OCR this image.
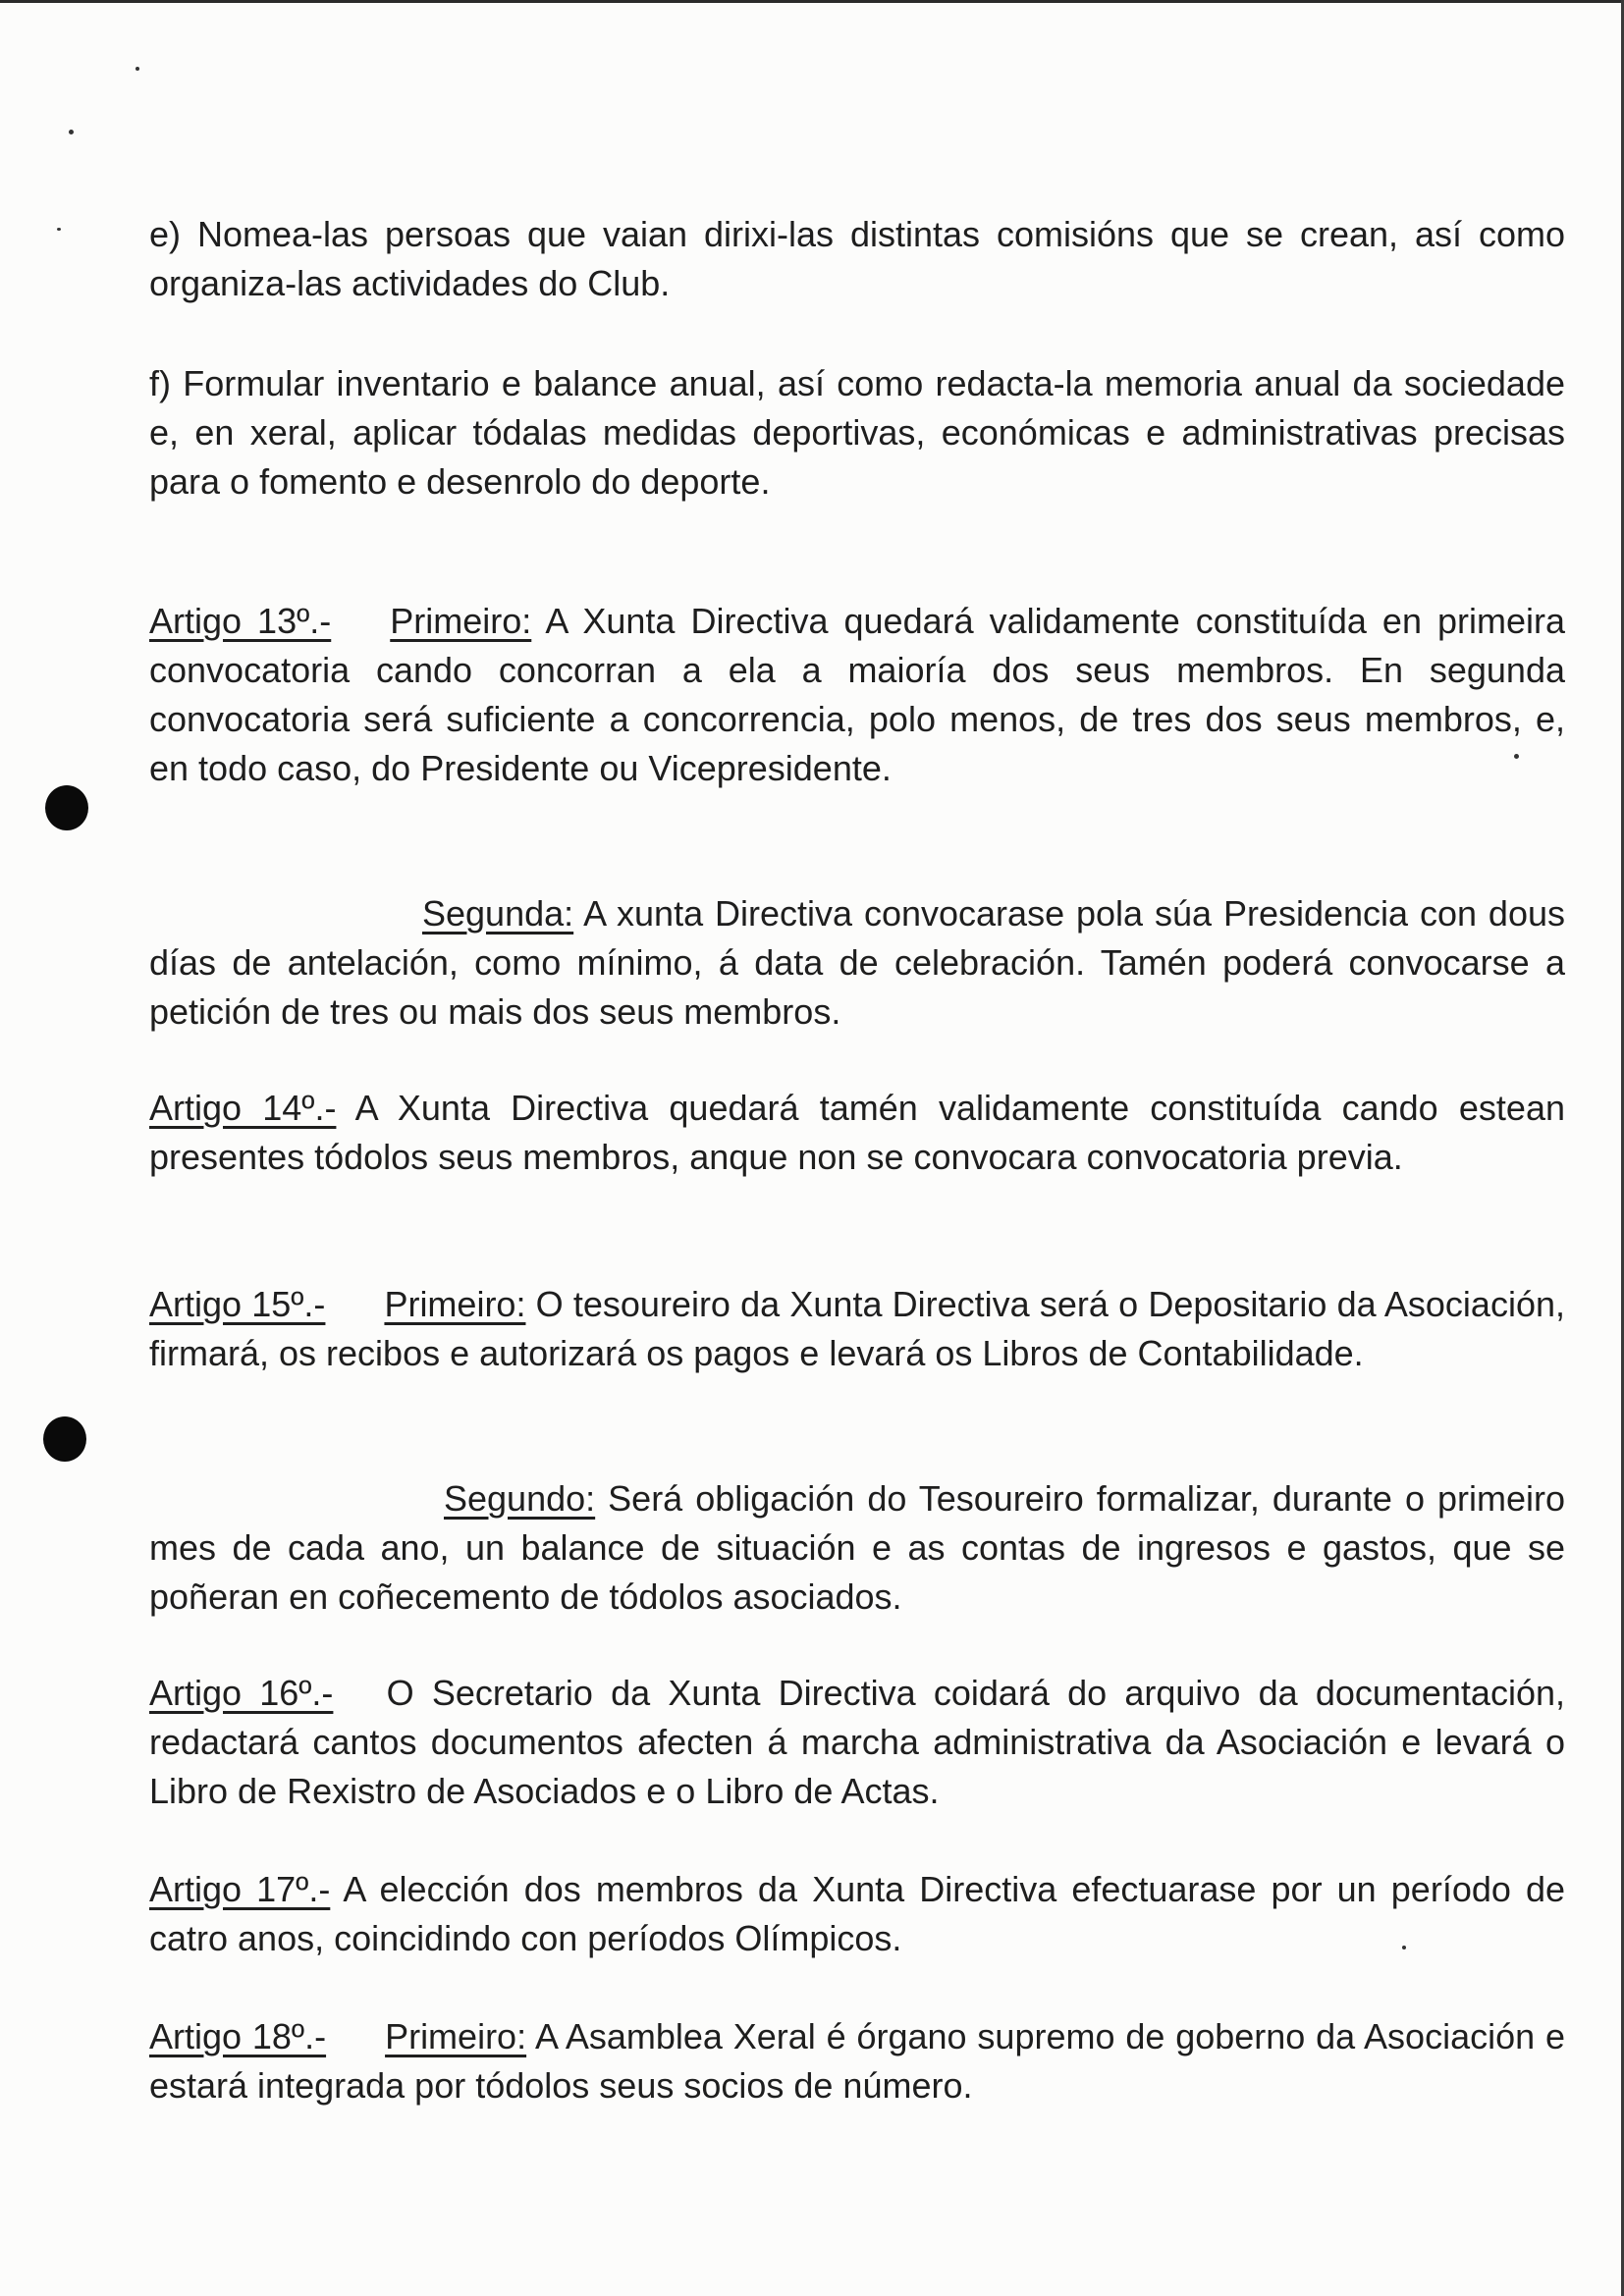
e) Nomea-las persoas que vaian dirixi-las distintas comisións que se crean, así como organiza-las actividades do Club.

f) Formular inventario e balance anual, así como redacta-la memoria anual da sociedade e, en xeral, aplicar tódalas medidas deportivas, económicas e administrativas precisas para o fomento e desenrolo do deporte.

Artigo 13º.- Primeiro: A Xunta Directiva quedará validamente constituída en primeira convocatoria cando concorran a ela a maioría dos seus membros. En segunda convocatoria será suficiente a concorrencia, polo menos, de tres dos seus membros, e, en todo caso, do Presidente ou Vicepresidente.

Segunda: A xunta Directiva convocarase pola súa Presidencia con dous días de antelación, como mínimo, á data de celebración. Tamén poderá convocarse a petición de tres ou mais dos seus membros.

Artigo 14º.- A Xunta Directiva quedará tamén validamente constituída cando estean presentes tódolos seus membros, anque non se convocara convocatoria previa.

Artigo 15º.- Primeiro: O tesoureiro da Xunta Directiva será o Depositario da Asociación, firmará, os recibos e autorizará os pagos e levará os Libros de Contabilidade.

Segundo: Será obligación do Tesoureiro formalizar, durante o primeiro mes de cada ano, un balance de situación e as contas de ingresos e gastos, que se poñeran en coñecemento de tódolos asociados.

Artigo 16º.- O Secretario da Xunta Directiva coidará do arquivo da documentación, redactará cantos documentos afecten á marcha administrativa da Asociación e levará o Libro de Rexistro de Asociados e o Libro de Actas.

Artigo 17º.- A elección dos membros da Xunta Directiva efectuarase por un período de catro anos, coincidindo con períodos Olímpicos.

Artigo 18º.- Primeiro: A Asamblea Xeral é órgano supremo de goberno da Asociación e estará integrada por tódolos seus socios de número.
